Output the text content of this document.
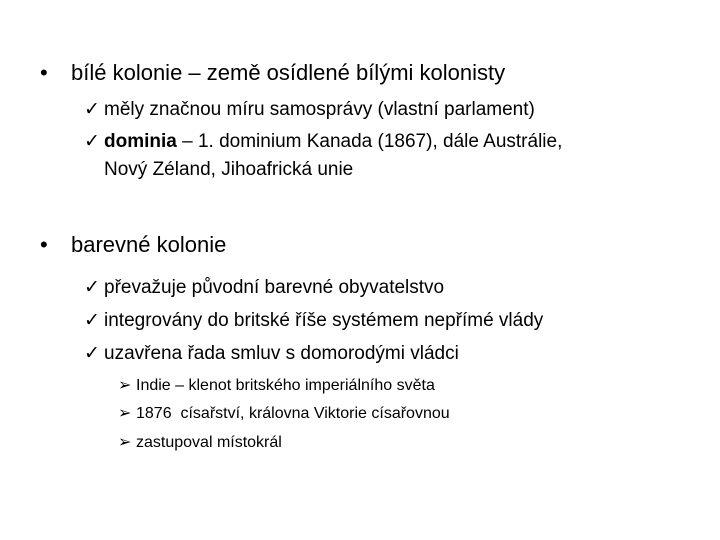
• bílé kolonie – země osídlené bílými kolonisty
✓ měly značnou míru samosprávy (vlastní parlament)
✓ dominia – 1. dominium Kanada (1867), dále Austrálie,
Nový Zéland, Jihoafrická unie
• barevné kolonie
✓ převažuje původní barevné obyvatelstvo
✓ integrovány do britské říše systémem nepřímé vlády
✓ uzavřena řada smluv s domorodými vládci
➢ Indie – klenot britského imperiálního světa
➢ 1876  císařství, královna Viktorie císařovnou
➢ zastupoval místokrál
